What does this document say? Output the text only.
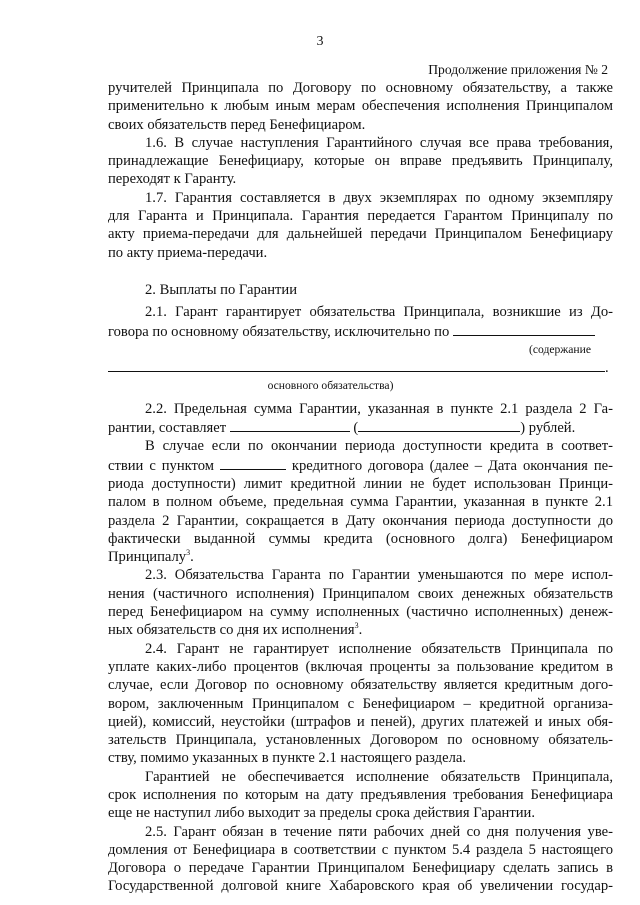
3
Продолжение приложения № 2

ручителей Принципала по Договору по основному обязательству, а также

применительно к любым иным мерам обеспечения исполнения Принципалом

своих обязательств перед Бенефициаром.

1.6. В случае наступления Гарантийного случая все права требования,

принадлежащие Бенефициару, которые он вправе предъявить Принципалу,

переходят к Гаранту.

1.7. Гарантия составляется в двух экземплярах по одному экземпляру

для Гаранта и Принципала. Гарантия передается Гарантом Принципалу по

акту приема-передачи для дальнейшей передачи Принципалом Бенефициару

по акту приема-передачи.

2. Выплаты по Гарантии

2.1. Гарант гарантирует обязательства Принципала, возникшие из До-

говора по основному обязательству, исключительно по

(содержание

.

основного обязательства)

2.2. Предельная сумма Гарантии, указанная в пункте 2.1 раздела 2 Га-

рантии, составляет	(	) рублей.

В случае если по окончании периода доступности кредита в соответ-

ствии с пунктом	кредитного договора (далее – Дата окончания пе-

риода доступности) лимит кредитной линии не будет использован Принци-

палом в полном объеме, предельная сумма Гарантии, указанная в пункте 2.1

раздела 2 Гарантии, сокращается в Дату окончания периода доступности до

фактически выданной суммы кредита (основного долга) Бенефициаром

Принципалу$^3$.

2.3. Обязательства Гаранта по Гарантии уменьшаются по мере испол-

нения (частичного исполнения) Принципалом своих денежных обязательств

перед Бенефициаром на сумму исполненных (частично исполненных) денеж-

ных обязательств со дня их исполнения$^3$.

2.4. Гарант не гарантирует исполнение обязательств Принципала по

уплате каких-либо процентов (включая проценты за пользование кредитом в

случае, если Договор по основному обязательству является кредитным дого-

вором, заключенным Принципалом с Бенефициаром – кредитной организа-

цией), комиссий, неустойки (штрафов и пеней), других платежей и иных обя-

зательств Принципала, установленных Договором по основному обязатель-

ству, помимо указанных в пункте 2.1 настоящего раздела.

Гарантией не обеспечивается исполнение обязательств Принципала,

срок исполнения по которым на дату предъявления требования Бенефициара

еще не наступил либо выходит за пределы срока действия Гарантии.

2.5. Гарант обязан в течение пяти рабочих дней со дня получения уве-

домления от Бенефициара в соответствии с пунктом 5.4 раздела 5 настоящего

Договора о передаче Гарантии Принципалом Бенефициару сделать запись в

Государственной долговой книге Хабаровского края об увеличении государ-
